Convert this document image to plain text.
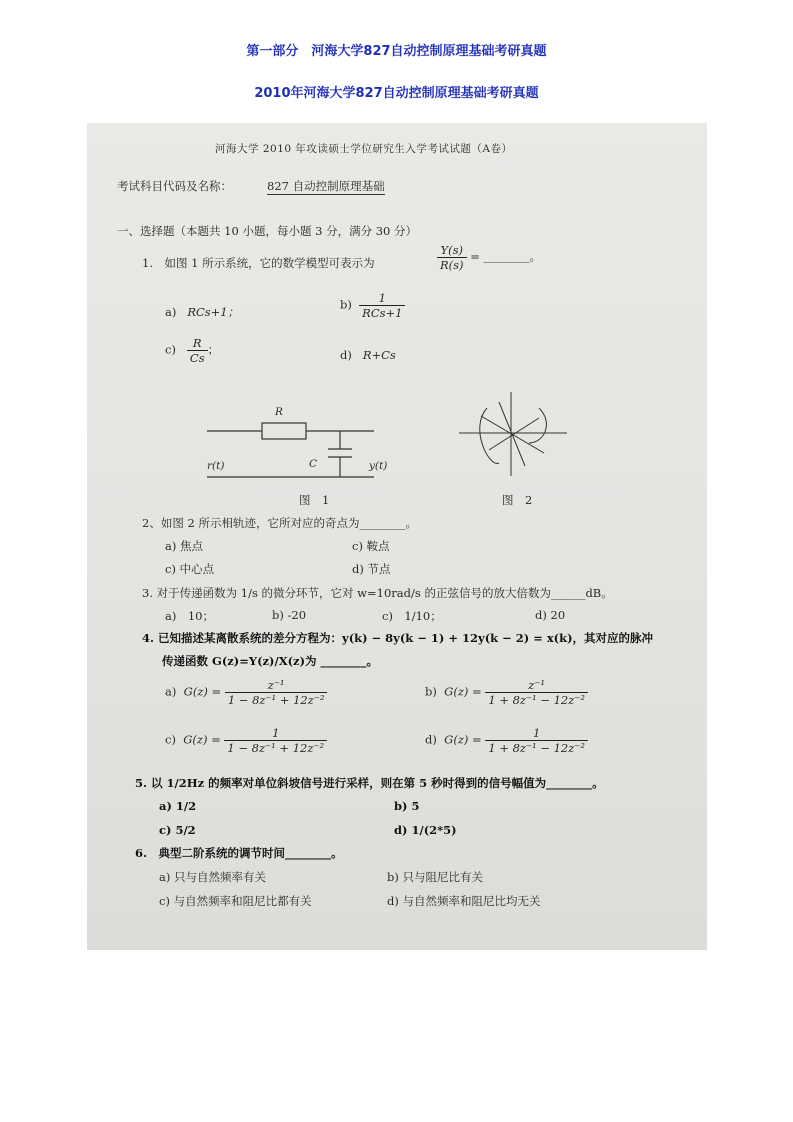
第一部分　河海大学827自动控制原理基础考研真题
2010年河海大学827自动控制原理基础考研真题
河海大学 2010 年攻读硕士学位研究生入学考试试题（A卷）
考试科目代码及名称：	827 自动控制原理基础
一、选择题（本题共 10 小题，每小题 3 分，满分 30 分）
1.　如图 1 所示系统，它的数学模型可表示为	$\frac{Y(s)}{R(s)}$ = ________。
a) RCs+1；
$b) \frac{1}{\text{RCs+1}}$
$c) \frac{R}{Cs}$ ；	d) R+Cs
R
C
r(t)	y(t)
图　1	图　2
2、如图 2 所示相轨迹，它所对应的奇点为________。
a) 焦点	c) 鞍点
c) 中心点	d) 节点
3. 对于传递函数为 1/s 的微分环节，它对 w=10rad/s 的正弦信号的放大倍数为______dB。
a)　10；	b) -20	c)　1/10；	d) 20
4. 已知描述某离散系统的差分方程为：y(k) − 8y(k − 1) + 12y(k − 2) = x(k)，其对应的脉冲
传递函数 G(z)=Y(z)/X(z)为 ________。
a) $G(z) = \frac{\text{z⁻¹}}{\text{1 − 8z⁻¹ + 12z⁻²}}$	b) $G(z) = \frac{\text{z⁻¹}}{\text{1 + 8z⁻¹ − 12z⁻²}}$
c) $G(z) = \frac{1}{\text{1 − 8z⁻¹ + 12z⁻²}}$	d) $G(z) = \frac{1}{\text{1 + 8z⁻¹ − 12z⁻²}}$
5. 以 1/2Hz 的频率对单位斜坡信号进行采样，则在第 5 秒时得到的信号幅值为________。
a) 1/2	b) 5
c) 5/2	d) 1/(2*5)
6.　典型二阶系统的调节时间________。
a) 只与自然频率有关	b) 只与阻尼比有关
c) 与自然频率和阻尼比都有关	d) 与自然频率和阻尼比均无关
